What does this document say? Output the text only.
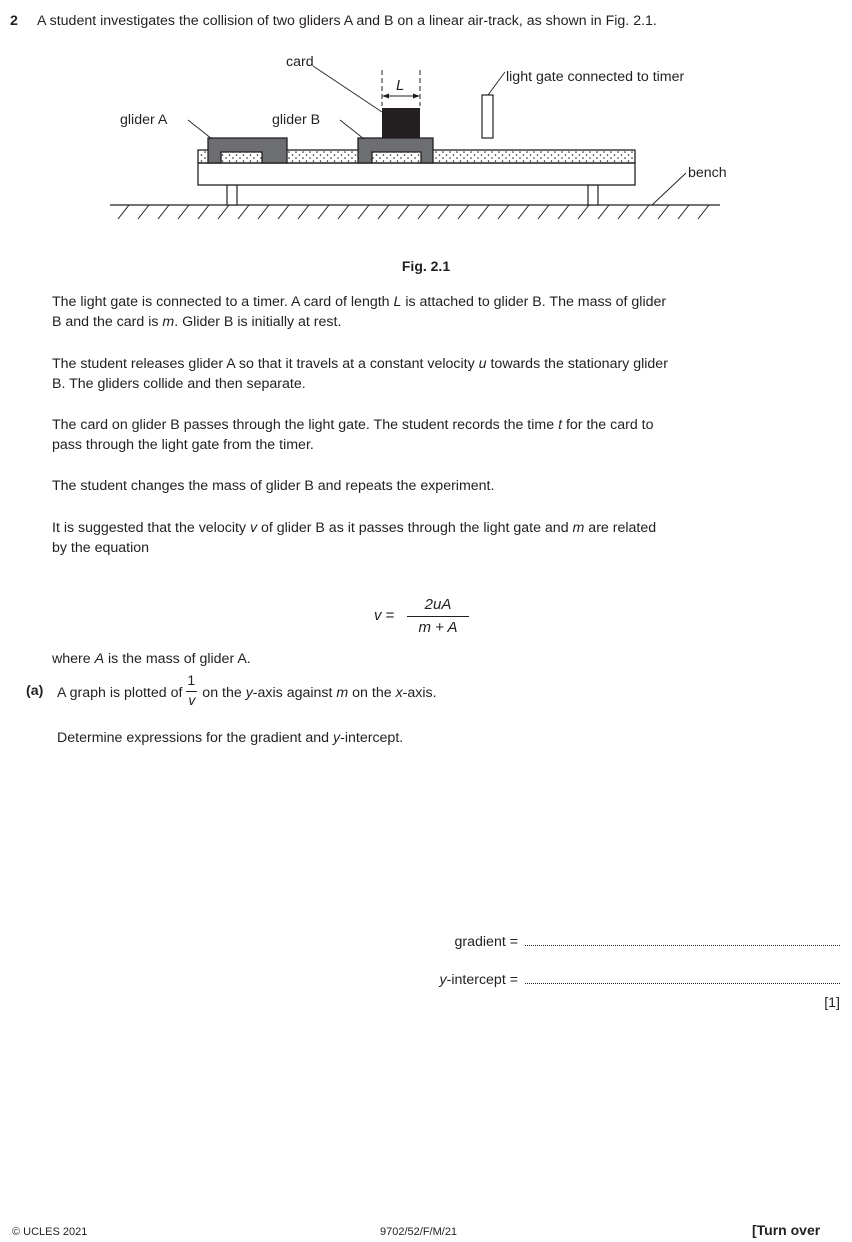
2 A student investigates the collision of two gliders A and B on a linear air-track, as shown in Fig. 2.1.
L	light gate connected to timer
card
glider A	glider B
bench
Fig. 2.1
The light gate is connected to a timer. A card of length L is attached to glider B. The mass of glider
B and the card is m. Glider B is initially at rest.
The student releases glider A so that it travels at a constant velocity u towards the stationary glider
B. The gliders collide and then separate.
The card on glider B passes through the light gate. The student records the time t for the card to
pass through the light gate from the timer.
The student changes the mass of glider B and repeats the experiment.
It is suggested that the velocity v of glider B as it passes through the light gate and m are related
by the equation
v =
2uA
m + A
where A is the mass of glider A.
(a) A graph is plotted of $\frac{1}{v}$ on the y-axis against m on the x-axis.
Determine expressions for the gradient and y-intercept.
gradient =
y-intercept =
[1]
© UCLES 2021	9702/52/F/M/21	[Turn over
